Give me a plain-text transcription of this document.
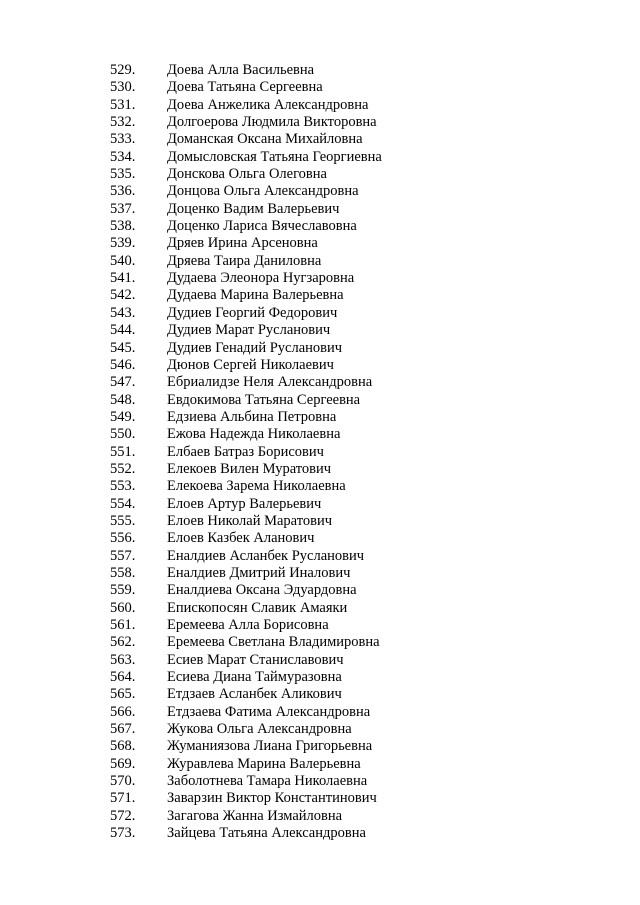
529.	Доева Алла Васильевна
530.	Доева Татьяна Сергеевна
531.	Доева Анжелика Александровна
532.	Долгоерова Людмила Викторовна
533.	Доманская Оксана Михайловна
534.	Домысловская Татьяна Георгиевна
535.	Донскова Ольга Олеговна
536.	Донцова Ольга Александровна
537.	Доценко Вадим Валерьевич
538.	Доценко Лариса Вячеславовна
539.	Дряев Ирина Арсеновна
540.	Дряева Таира Даниловна
541.	Дудаева Элеонора Нугзаровна
542.	Дудаева Марина Валерьевна
543.	Дудиев Георгий Федорович
544.	Дудиев Марат Русланович
545.	Дудиев Генадий Русланович
546.	Дюнов Сергей Николаевич
547.	Ебриалидзе Неля Александровна
548.	Евдокимова Татьяна Сергеевна
549.	Едзиева Альбина Петровна
550.	Ежова Надежда Николаевна
551.	Елбаев Батраз Борисович
552.	Елекоев Вилен Муратович
553.	Елекоева Зарема Николаевна
554.	Елоев Артур Валерьевич
555.	Елоев Николай Маратович
556.	Елоев Казбек Аланович
557.	Еналдиев Асланбек Русланович
558.	Еналдиев Дмитрий Иналович
559.	Еналдиева Оксана Эдуардовна
560.	Епископосян Славик Амаяки
561.	Еремеева Алла Борисовна
562.	Еремеева Светлана Владимировна
563.	Есиев Марат Станиславович
564.	Есиева Диана Таймуразовна
565.	Етдзаев Асланбек Аликович
566.	Етдзаева Фатима Александровна
567.	Жукова Ольга Александровна
568.	Жуманиязова Лиана Григорьевна
569.	Журавлева Марина Валерьевна
570.	Заболотнева Тамара Николаевна
571.	Заварзин Виктор Константинович
572.	Загагова Жанна Измайловна
573.	Зайцева Татьяна Александровна
